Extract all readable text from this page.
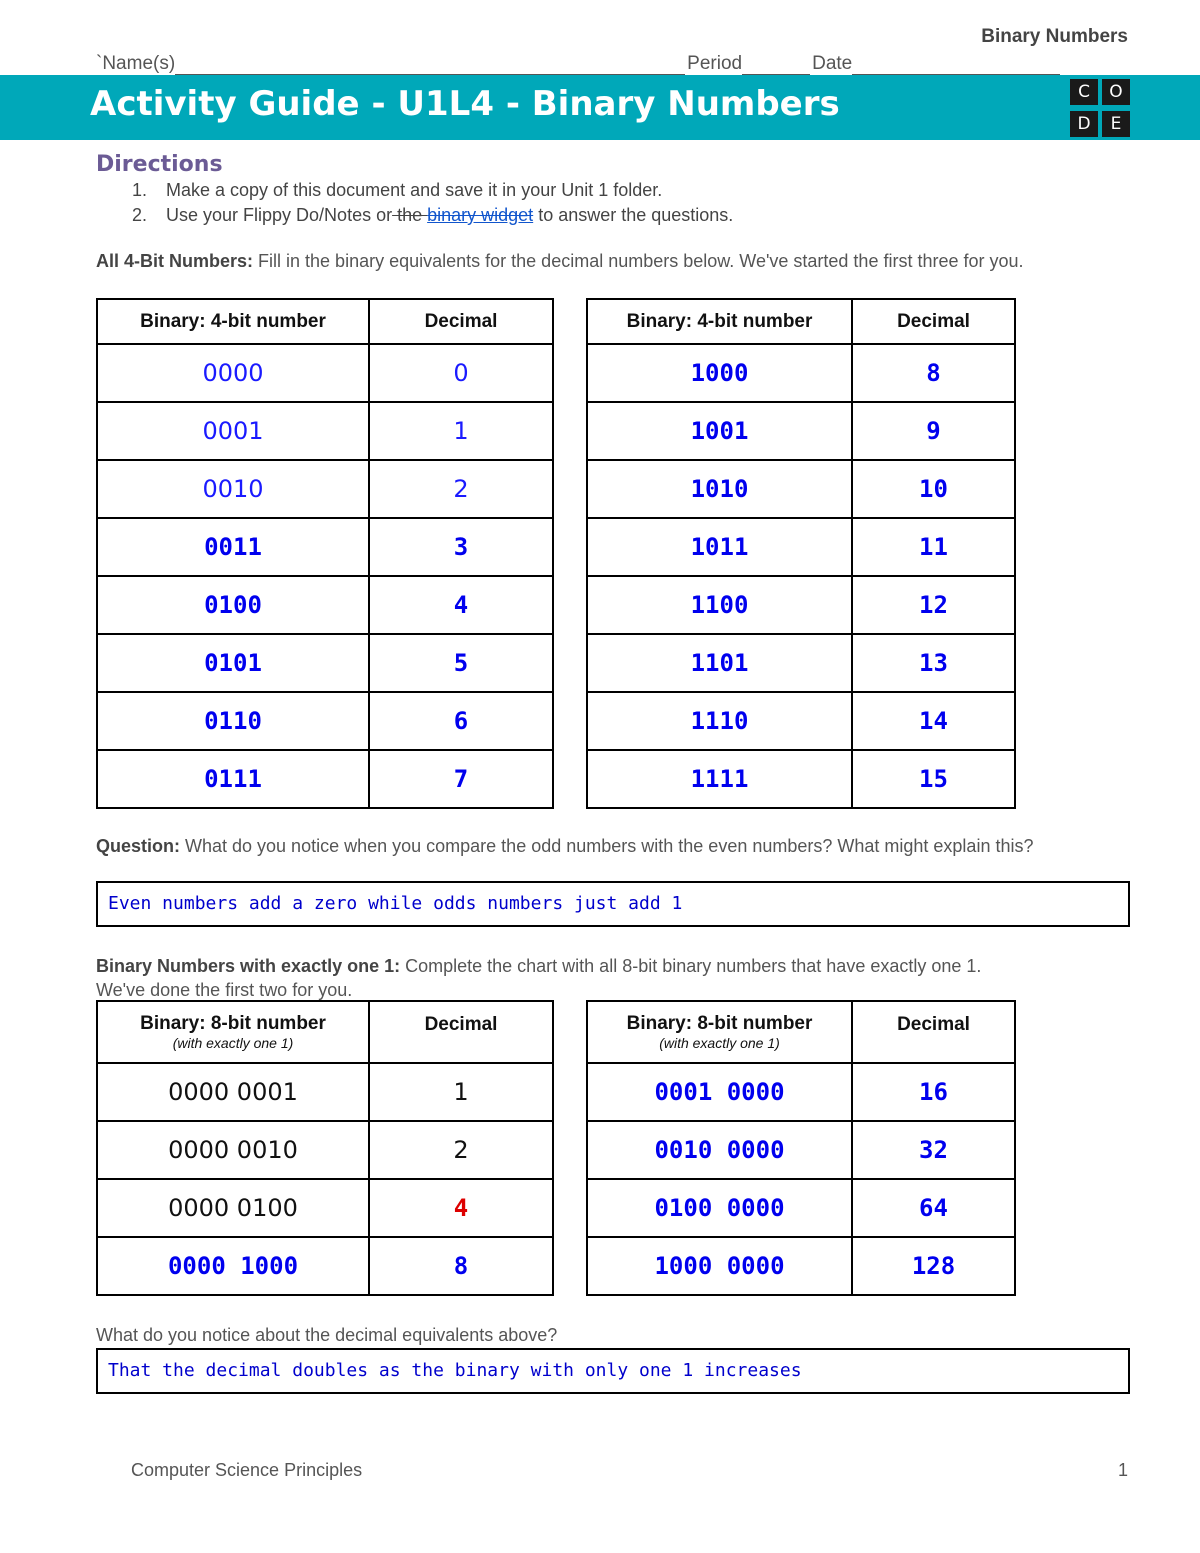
Binary Numbers
`Name(s)	Period	Date
Activity Guide - U1L4 - Binary Numbers	C	O
D	E
Directions
1. Make a copy of this document and save it in your Unit 1 folder.
2. Use your Flippy Do/Notes or the binary widget to answer the questions.
All 4-Bit Numbers: Fill in the binary equivalents for the decimal numbers below. We've started the first three for you.
Binary: 4-bit number	Decimal
0000	0
0001	1
0010	2
0011	3
0100	4
0101	5
0110	6
0111	7
Binary: 4-bit number	Decimal
1000	8
1001	9
1010	10
1011	11
1100	12
1101	13
1110	14
1111	15
Question: What do you notice when you compare the odd numbers with the even numbers? What might explain this?
Even numbers add a zero while odds numbers just add 1
Binary Numbers with exactly one 1: Complete the chart with all 8-bit binary numbers that have exactly one 1.
We've done the first two for you.
Binary: 8-bit number
(with exactly one 1)	Decimal
0000 0001	1
0000 0010	2
0000 0100	4
0000 1000	8
Binary: 8-bit number
(with exactly one 1)	Decimal
0001 0000	16
0010 0000	32
0100 0000	64
1000 0000	128
What do you notice about the decimal equivalents above?
That the decimal doubles as the binary with only one 1 increases
Computer Science Principles	1
